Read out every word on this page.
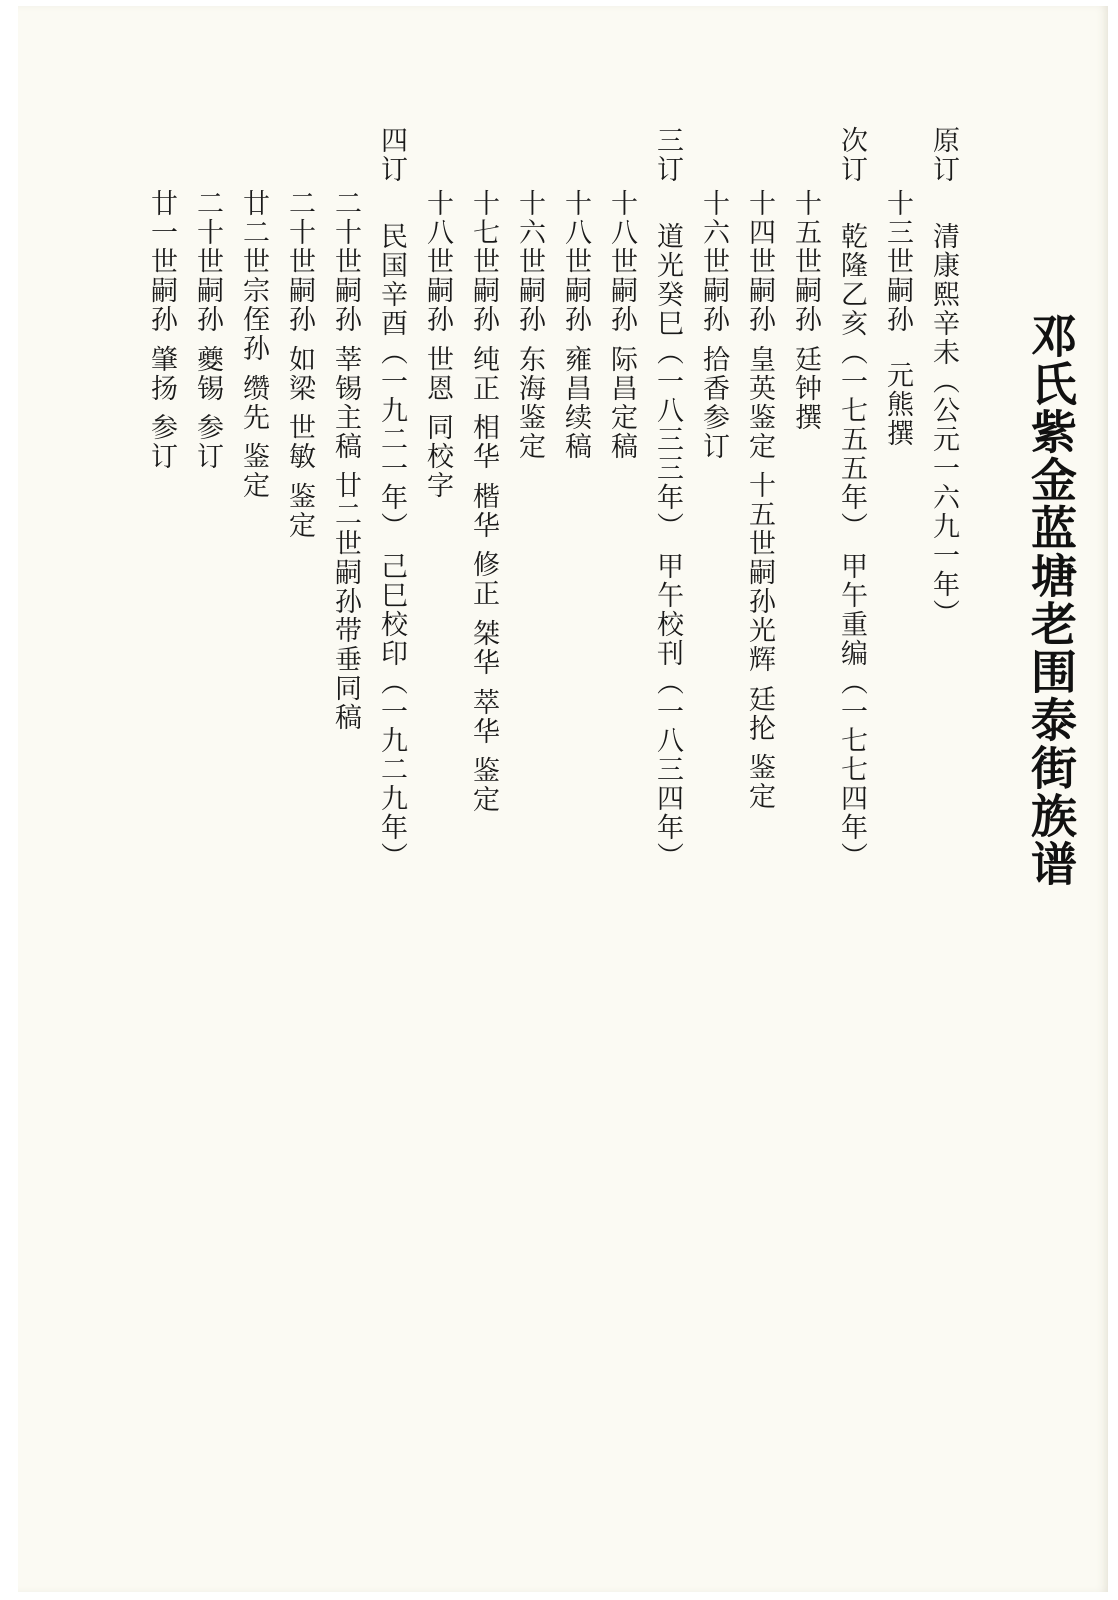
邓氏紫金蓝塘老围泰街族谱
原订
十三世嗣孙 清康熙辛未（公元一六九一年）
元熊撰
次订
乾隆乙亥（一七五五年） 甲午重编（一七七四年）
十五世嗣孙 廷钟撰
十四世嗣孙 皇英鉴定 十五世嗣孙光辉 廷抡 鉴定
十六世嗣孙 拾香参订
三订
道光癸巳（一八三三年） 甲午校刊（一八三四年）
十八世嗣孙 际昌定稿
十八世嗣孙 雍昌续稿
十六世嗣孙 东海鉴定
十七世嗣孙 纯正 相华 楷华 修正 桀华 萃华 鉴定
十八世嗣孙 世恩 同校字
四订
民国辛酉（一九二一年） 己巳校印（一九二九年）
二十世嗣孙 莘锡主稿 廿二世嗣孙带垂同稿
二十世嗣孙 如梁 世敏 鉴定
廿二世宗侄孙 缵先 鉴定
二十世嗣孙 夔锡 参订
廿一世嗣孙 肇扬 参订
